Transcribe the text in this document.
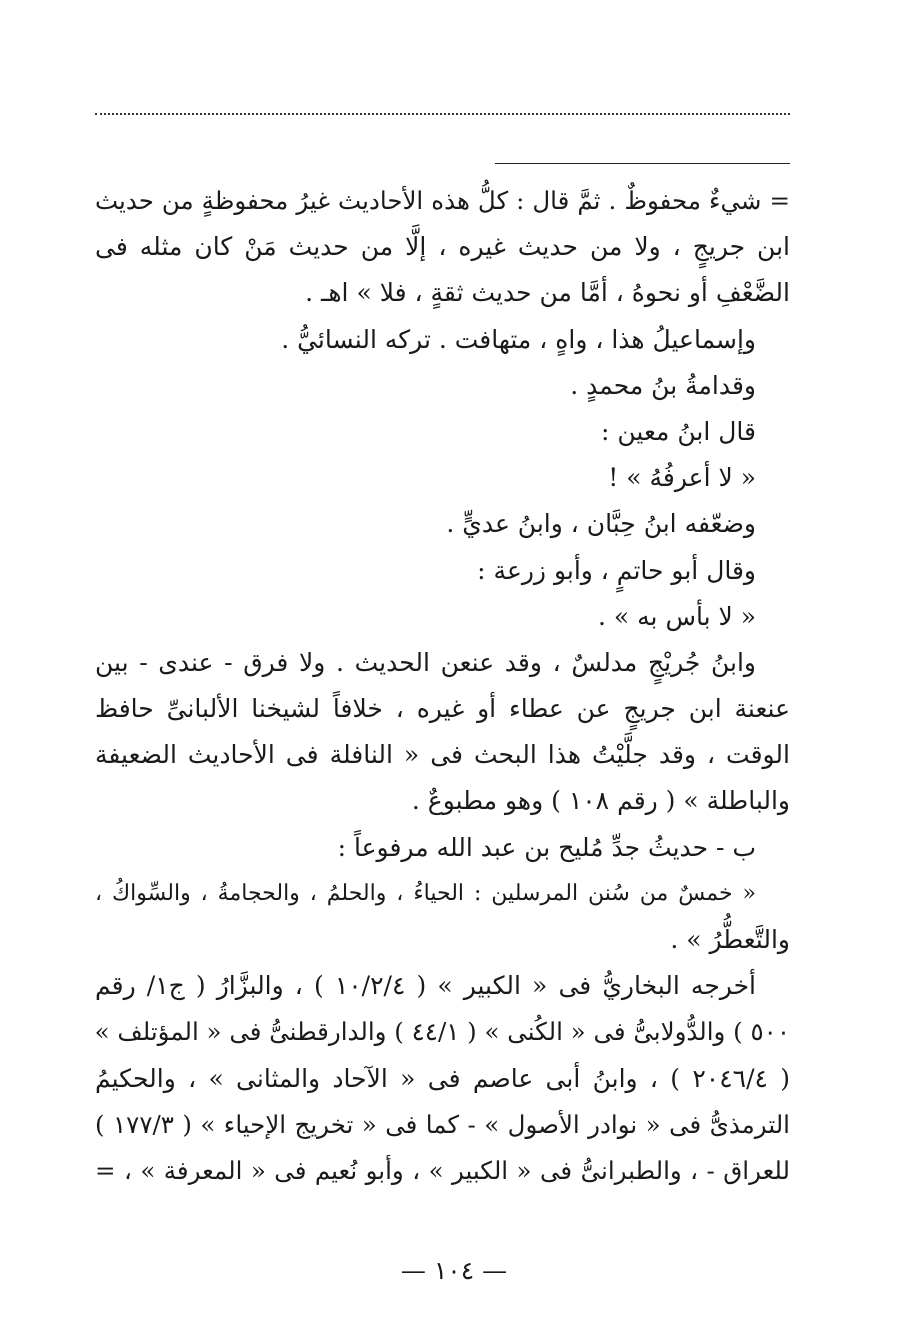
= شيءٌ محفوظٌ . ثمَّ قال : كلُّ هذه الأحاديث غيرُ محفوظةٍ من حديث
ابن جريجٍ ، ولا من حديث غيره ، إلَّا من حديث مَنْ كان مثله فى
الضَّعْفِ أو نحوهُ ، أمَّا من حديث ثقةٍ ، فلا » اهـ .
وإسماعيلُ هذا ، واهٍ ، متهافت . تركه النسائيُّ .
وقدامةُ بنُ محمدٍ .
قال ابنُ معين :
« لا أعرفُهُ » !
وضعّفه ابنُ حِبَّان ، وابنُ عديٍّ .
وقال أبو حاتمٍ ، وأبو زرعة :
« لا بأس به » .
وابنُ جُريْجٍ مدلسٌ ، وقد عنعن الحديث . ولا فرق - عندى - بين
عنعنة ابن جريجٍ عن عطاء أو غيره ، خلافاً لشيخنا الألبانىِّ حافظ
الوقت ، وقد جلَّيْتُ هذا البحث فى « النافلة فى الأحاديث الضعيفة
والباطلة » ( رقم ١٠٨ ) وهو مطبوعٌ .
ب - حديثُ جدِّ مُليح بن عبد الله مرفوعاً :
« خمسٌ من سُنن المرسلين : الحياءُ ، والحلمُ ، والحجامةُ ، والسِّواكُ ،
والتَّعطُّرُ » .
أخرجه البخاريُّ فى « الكبير » ( ١٠/٢/٤ ) ، والبزَّارُ ( ج١/ رقم
٥٠٠ ) والدُّولابىُّ فى « الكُنى » ( ٤٤/١ ) والدارقطنىُّ فى « المؤتلف »
( ٢٠٤٦/٤ ) ، وابنُ أبى عاصم فى « الآحاد والمثانى » ، والحكيمُ
الترمذىُّ فى « نوادر الأصول » - كما فى « تخريج الإحياء » ( ١٧٧/٣ )
للعراق - ، والطبرانىُّ فى « الكبير » ، وأبو نُعيم فى « المعرفة » ، =
— ١٠٤ —
